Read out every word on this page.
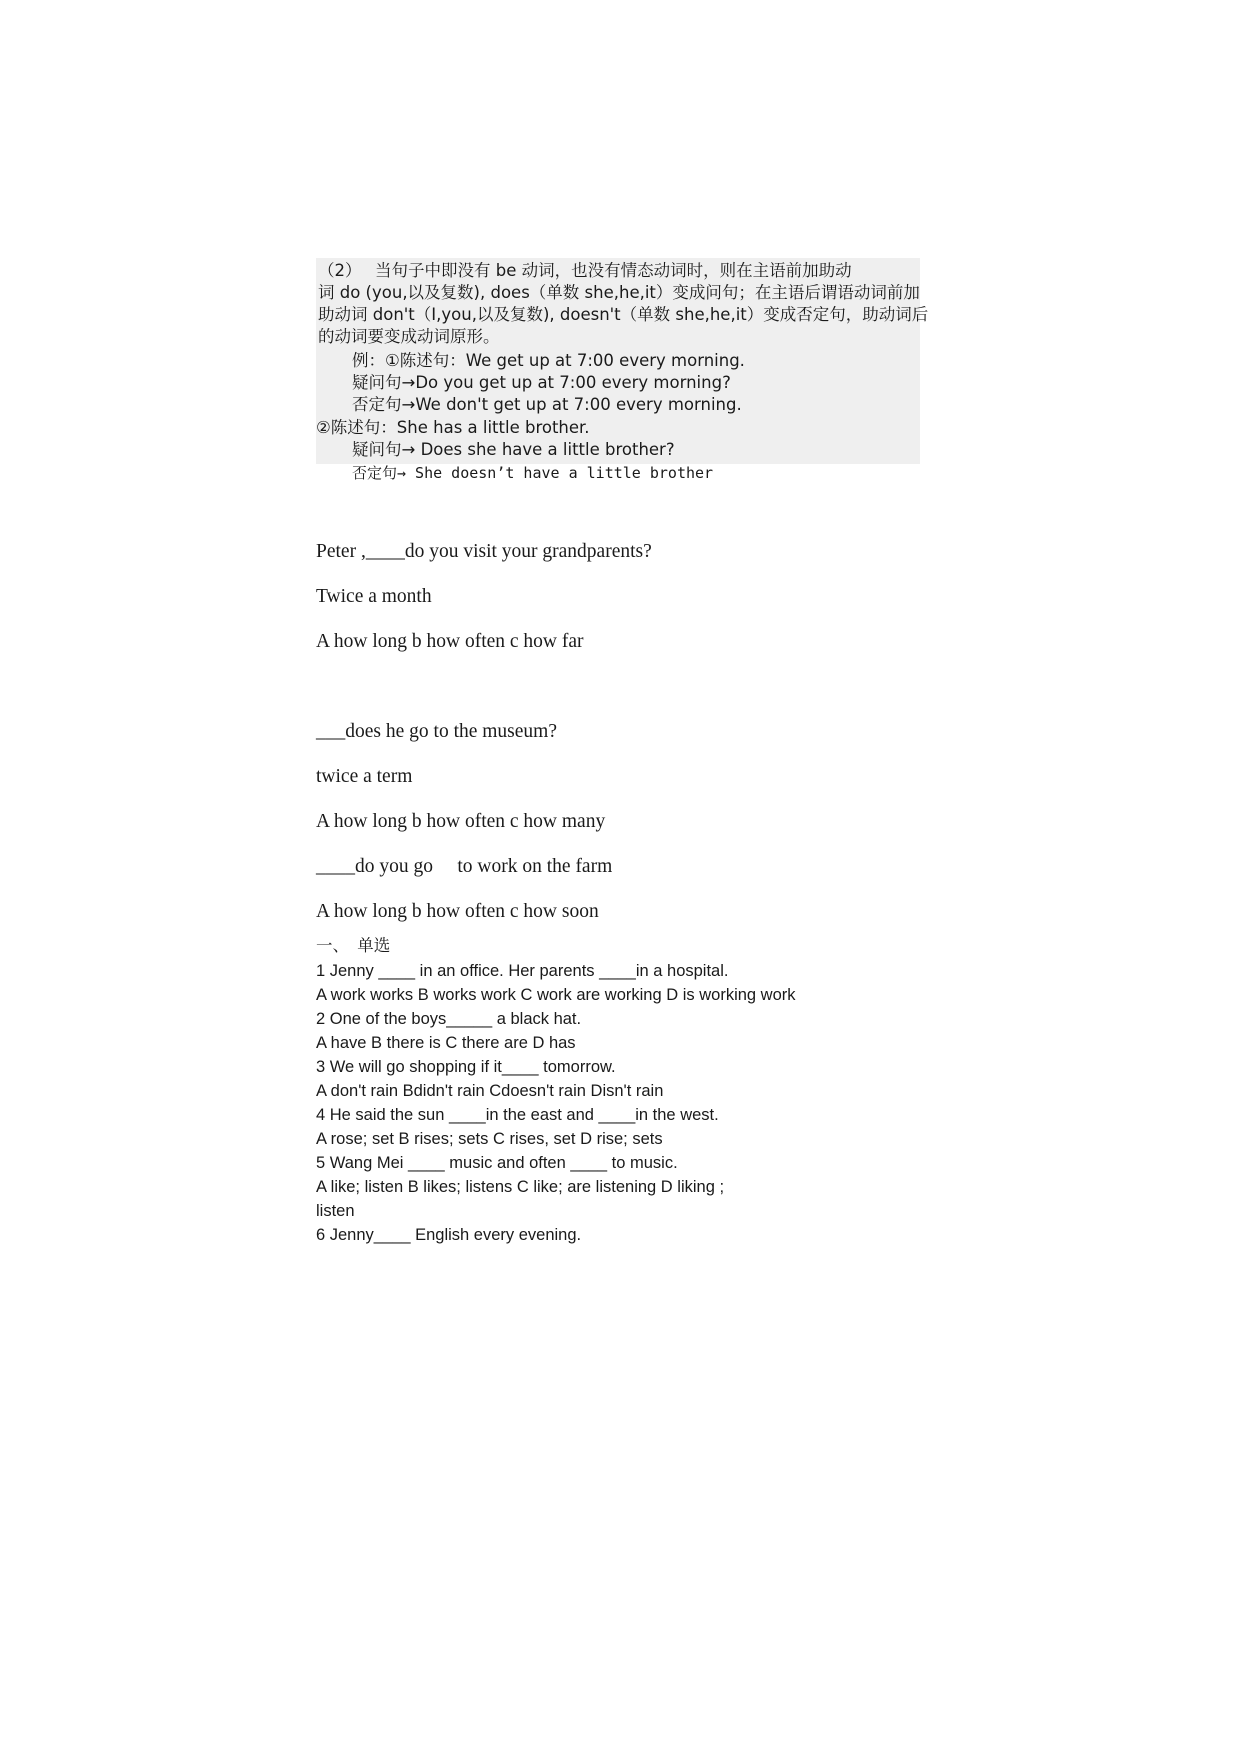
（2）　 当句子中即没有 be 动词，也没有情态动词时，则在主语前加助动

词 do (you,以及复数), does（单数 she,he,it）变成问句；在主语后谓语动词前加

助动词 don't（I,you,以及复数), doesn't（单数 she,he,it）变成否定句，助动词后

的动词要变成动词原形。

例：①陈述句：We get up at 7:00 every morning.

疑问句→Do you get up at 7:00 every morning?

否定句→We don't get up at 7:00 every morning.

②陈述句：She has a little brother.

疑问句→ Does she have a little brother?

否定句→ She doesn’t have a little brother

Peter ,____do you visit your grandparents?

Twice a month

A how long b how often c how far

___does he go to the museum?

twice a term

A how long b how often c how many

____do you go 　to work on the farm

A how long b how often c how soon

一、　单选

1 Jenny ____ in an office. Her parents ____in a hospital.

A work works B works work C work are working D is working work

2 One of the boys_____ a black hat.

A have B there is C there are D has

3 We will go shopping if it____ tomorrow.

A don't rain Bdidn't rain Cdoesn't rain Disn't rain

4 He said the sun ____in the east and ____in the west.

A rose; set B rises; sets C rises, set D rise; sets

5 Wang Mei ____ music and often ____ to music.

A like; listen B likes; listens C like; are listening D liking ;

listen

6 Jenny____ English every evening.
